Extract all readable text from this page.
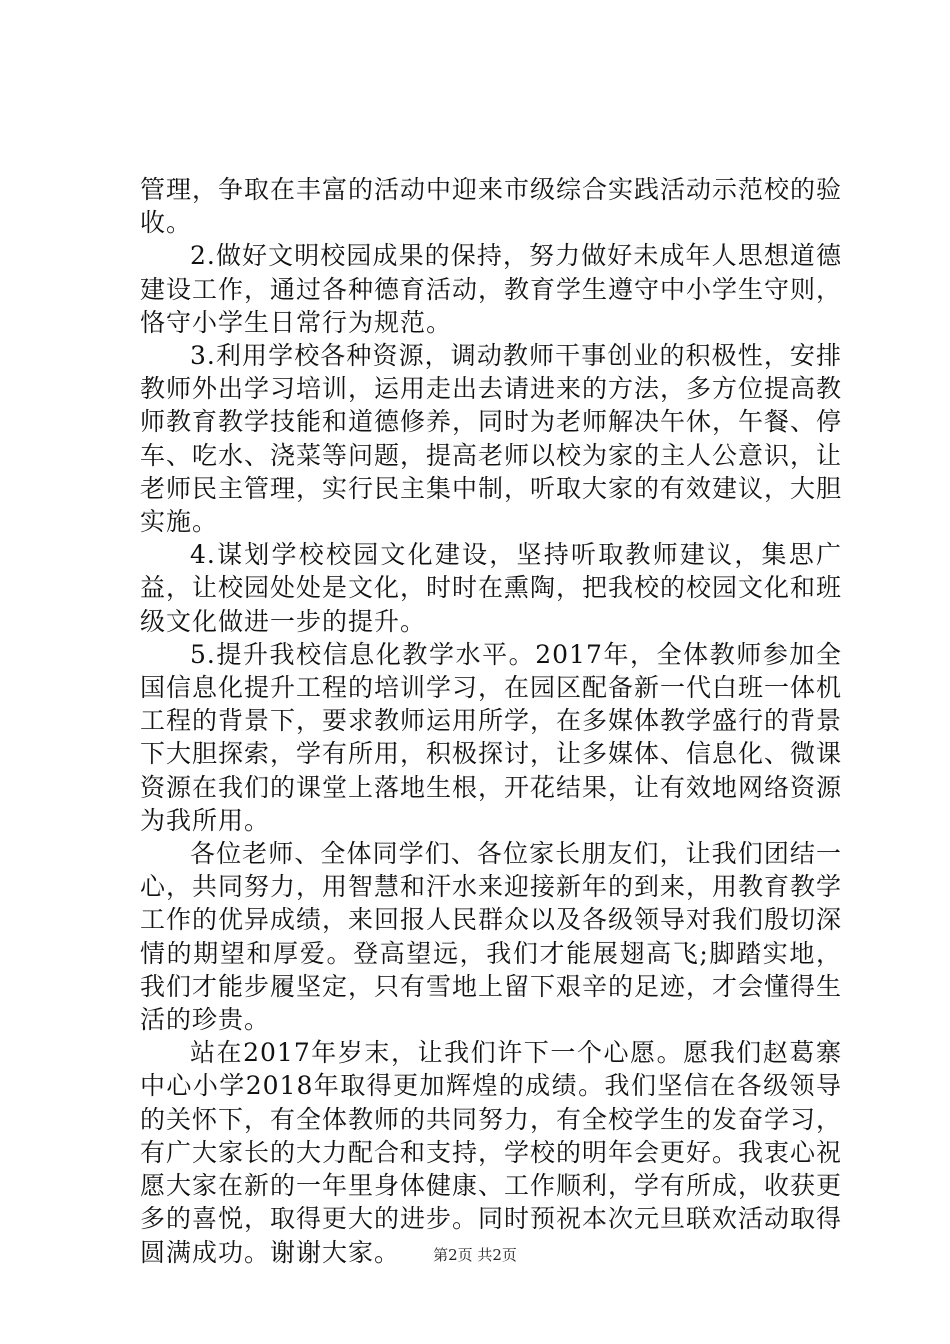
管理，争取在丰富的活动中迎来市级综合实践活动示范校的验收。

2.做好文明校园成果的保持，努力做好未成年人思想道德建设工作，通过各种德育活动，教育学生遵守中小学生守则，恪守小学生日常行为规范。

3.利用学校各种资源，调动教师干事创业的积极性，安排教师外出学习培训，运用走出去请进来的方法，多方位提高教师教育教学技能和道德修养，同时为老师解决午休，午餐、停车、吃水、浇菜等问题，提高老师以校为家的主人公意识，让老师民主管理，实行民主集中制，听取大家的有效建议，大胆实施。

4.谋划学校校园文化建设，坚持听取教师建议，集思广益，让校园处处是文化，时时在熏陶，把我校的校园文化和班级文化做进一步的提升。

5.提升我校信息化教学水平。2017年，全体教师参加全国信息化提升工程的培训学习，在园区配备新一代白班一体机工程的背景下，要求教师运用所学，在多媒体教学盛行的背景下大胆探索，学有所用，积极探讨，让多媒体、信息化、微课资源在我们的课堂上落地生根，开花结果，让有效地网络资源为我所用。

各位老师、全体同学们、各位家长朋友们，让我们团结一心，共同努力，用智慧和汗水来迎接新年的到来，用教育教学工作的优异成绩，来回报人民群众以及各级领导对我们殷切深情的期望和厚爱。登高望远，我们才能展翅高飞;脚踏实地，我们才能步履坚定，只有雪地上留下艰辛的足迹，才会懂得生活的珍贵。

站在2017年岁末，让我们许下一个心愿。愿我们赵葛寨中心小学2018年取得更加辉煌的成绩。我们坚信在各级领导的关怀下，有全体教师的共同努力，有全校学生的发奋学习，有广大家长的大力配合和支持，学校的明年会更好。我衷心祝愿大家在新的一年里身体健康、工作顺利，学有所成，收获更多的喜悦，取得更大的进步。同时预祝本次元旦联欢活动取得圆满成功。谢谢大家。	第2页 共2页
